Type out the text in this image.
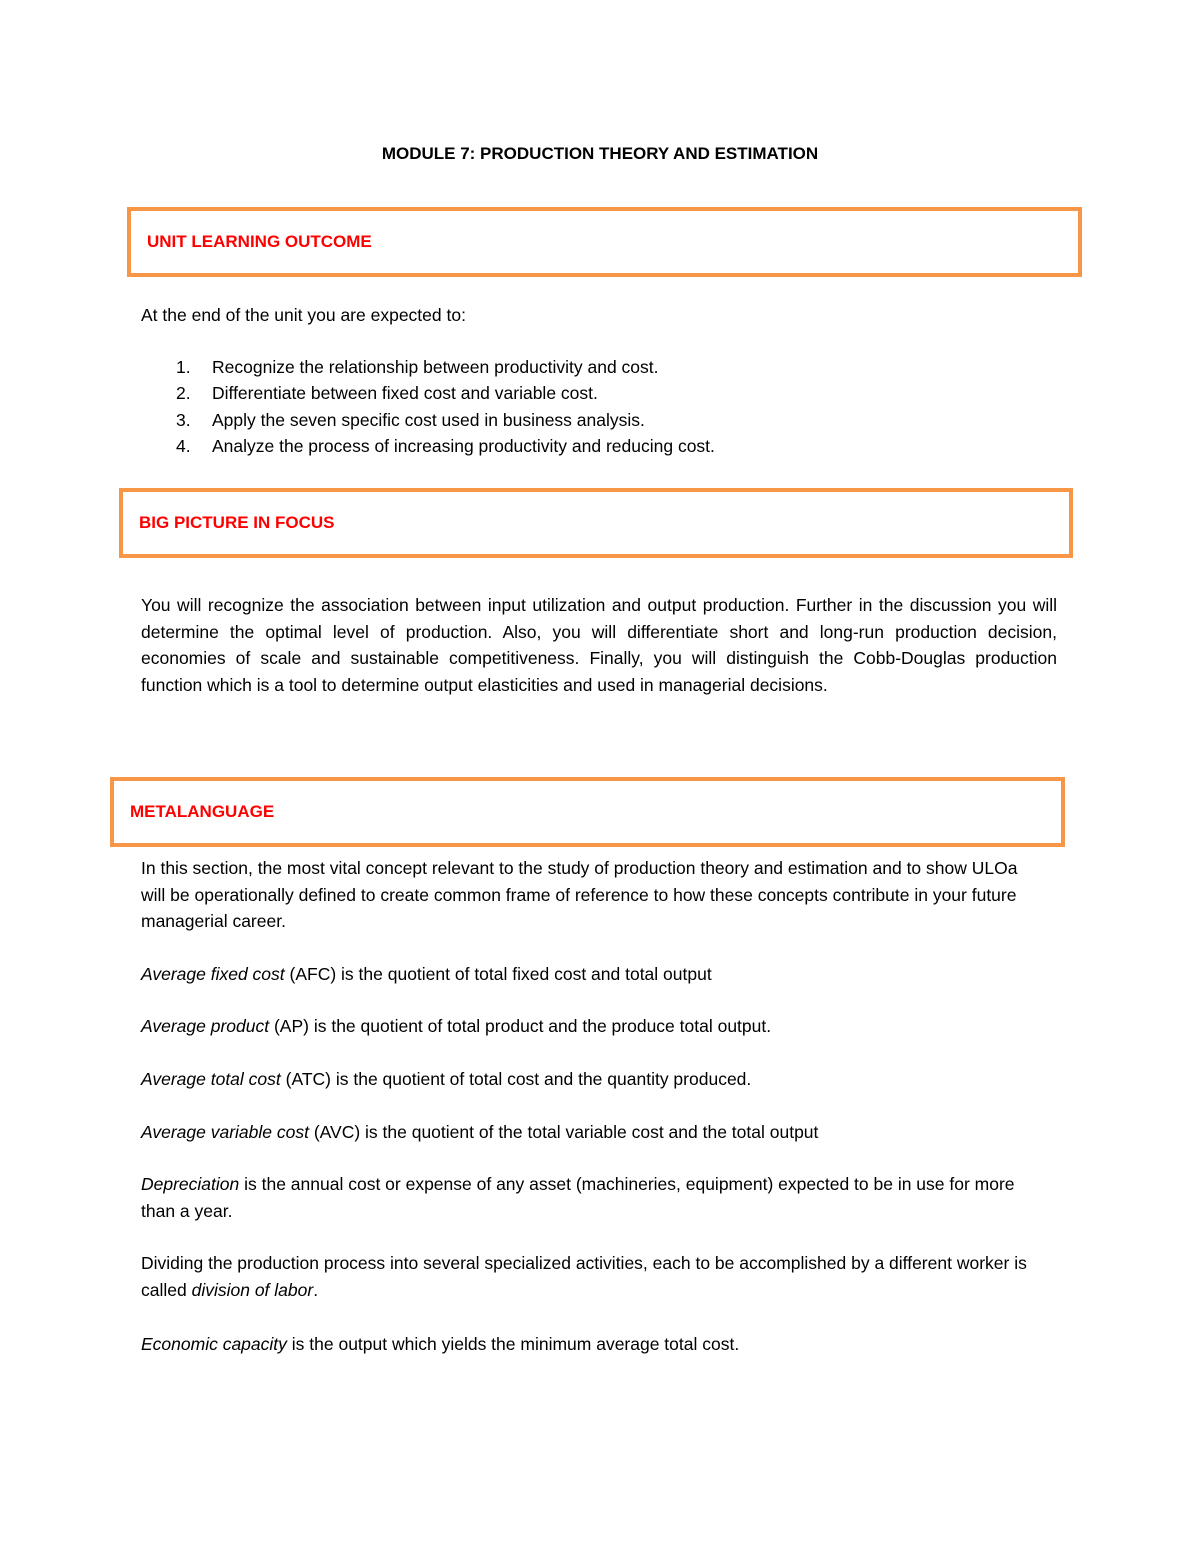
MODULE 7: PRODUCTION THEORY AND ESTIMATION
UNIT LEARNING OUTCOME
At the end of the unit you are expected to:
1. Recognize the relationship between productivity and cost.
2. Differentiate between fixed cost and variable cost.
3. Apply the seven specific cost used in business analysis.
4. Analyze the process of increasing productivity and reducing cost.
BIG PICTURE IN FOCUS
You will recognize the association between input utilization and output production. Further in the discussion you will determine the optimal level of production. Also, you will differentiate short and long-run production decision, economies of scale and sustainable competitiveness. Finally, you will distinguish the Cobb-Douglas production function which is a tool to determine output elasticities and used in managerial decisions.
METALANGUAGE
In this section, the most vital concept relevant to the study of production theory and estimation and to show ULOa will be operationally defined to create common frame of reference to how these concepts contribute in your future managerial career.
Average fixed cost (AFC) is the quotient of total fixed cost and total output
Average product (AP) is the quotient of total product and the produce total output.
Average total cost (ATC) is the quotient of total cost and the quantity produced.
Average variable cost (AVC) is the quotient of the total variable cost and the total output
Depreciation is the annual cost or expense of any asset (machineries, equipment) expected to be in use for more than a year.
Dividing the production process into several specialized activities, each to be accomplished by a different worker is called division of labor.
Economic capacity is the output which yields the minimum average total cost.
